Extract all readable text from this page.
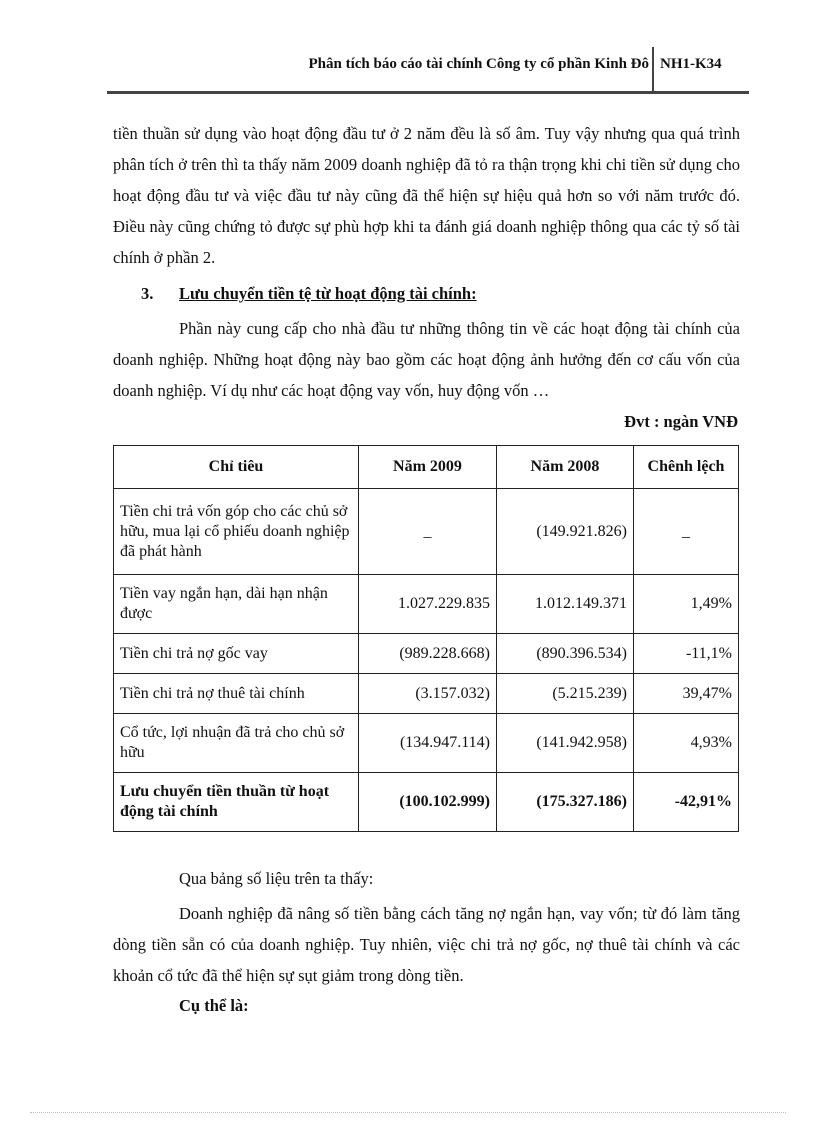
Phân tích báo cáo tài chính Công ty cổ phần Kinh Đô NH1-K34

tiền thuần sử dụng vào hoạt động đầu tư ở 2 năm đều là số âm. Tuy vậy nhưng qua quá trình phân tích ở trên thì ta thấy năm 2009 doanh nghiệp đã tỏ ra thận trọng khi chi tiền sử dụng cho hoạt động đầu tư và việc đầu tư này cũng đã thể hiện sự hiệu quả hơn so với năm trước đó. Điều này cũng chứng tỏ được sự phù hợp khi ta đánh giá doanh nghiệp thông qua các tỷ số tài chính ở phần 2.

3. Lưu chuyển tiền tệ từ hoạt động tài chính:

Phần này cung cấp cho nhà đầu tư những thông tin về các hoạt động tài chính của doanh nghiệp. Những hoạt động này bao gồm các hoạt động ảnh hưởng đến cơ cấu vốn của doanh nghiệp. Ví dụ như các hoạt động vay vốn, huy động vốn …

Đvt : ngàn VNĐ
Chỉ tiêu	Năm 2009	Năm 2008	Chênh lệch
Tiền chi trả vốn góp cho các chủ sở hữu, mua lại cổ phiếu doanh nghiệp đã phát hành	_	(149.921.826)	_
Tiền vay ngắn hạn, dài hạn nhận được	1.027.229.835	1.012.149.371	1,49%
Tiền chi trả nợ gốc vay	(989.228.668)	(890.396.534)	-11,1%
Tiền chi trả nợ thuê tài chính	(3.157.032)	(5.215.239)	39,47%
Cổ tức, lợi nhuận đã trả cho chủ sở hữu	(134.947.114)	(141.942.958)	4,93%
Lưu chuyển tiền thuần từ hoạt động tài chính	(100.102.999)	(175.327.186)	-42,91%
Qua bảng số liệu trên ta thấy:

Doanh nghiệp đã nâng số tiền bằng cách tăng nợ ngắn hạn, vay vốn; từ đó làm tăng dòng tiền sẵn có của doanh nghiệp. Tuy nhiên, việc chi trả nợ gốc, nợ thuê tài chính và các khoản cổ tức đã thể hiện sự sụt giảm trong dòng tiền.

Cụ thể là:
